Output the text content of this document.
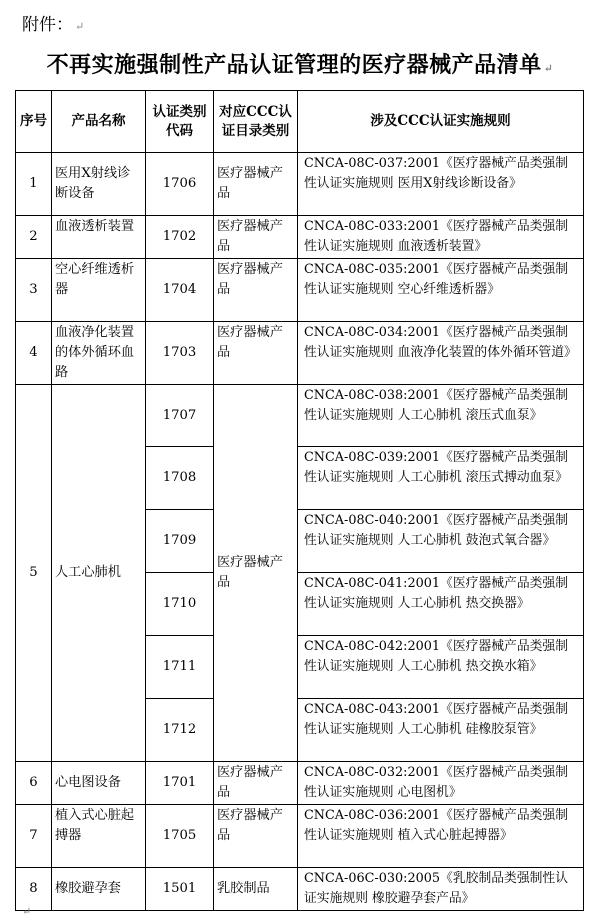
附件： ↵
不再实施强制性产品认证管理的医疗器械产品清单 ↵
序号	产品名称	认证类别代码	对应CCC认证目录类别	涉及CCC认证实施规则
1	医用X射线诊断设备	1706	医疗器械产品	CNCA-08C-037:2001《医疗器械产品类强制性认证实施规则 医用X射线诊断设备》
2	血液透析装置	1702	医疗器械产品	CNCA-08C-033:2001《医疗器械产品类强制性认证实施规则 血液透析装置》
3	空心纤维透析器	1704	医疗器械产品	CNCA-08C-035:2001《医疗器械产品类强制性认证实施规则 空心纤维透析器》
4	血液净化装置的体外循环血路	1703	医疗器械产品	CNCA-08C-034:2001《医疗器械产品类强制性认证实施规则 血液净化装置的体外循环管道》
5	人工心肺机	1707	医疗器械产品	CNCA-08C-038:2001《医疗器械产品类强制性认证实施规则 人工心肺机 滚压式血泵》
		1708		CNCA-08C-039:2001《医疗器械产品类强制性认证实施规则 人工心肺机 滚压式搏动血泵》
		1709		CNCA-08C-040:2001《医疗器械产品类强制性认证实施规则 人工心肺机 鼓泡式氧合器》
		1710		CNCA-08C-041:2001《医疗器械产品类强制性认证实施规则 人工心肺机 热交换器》
		1711		CNCA-08C-042:2001《医疗器械产品类强制性认证实施规则 人工心肺机 热交换水箱》
		1712		CNCA-08C-043:2001《医疗器械产品类强制性认证实施规则 人工心肺机 硅橡胶泵管》
6	心电图设备	1701	医疗器械产品	CNCA-08C-032:2001《医疗器械产品类强制性认证实施规则 心电图机》
7	植入式心脏起搏器	1705	医疗器械产品	CNCA-08C-036:2001《医疗器械产品类强制性认证实施规则 植入式心脏起搏器》
8	橡胶避孕套	1501	乳胶制品	CNCA-06C-030:2005《乳胶制品类强制性认证实施规则 橡胶避孕套产品》
↵
